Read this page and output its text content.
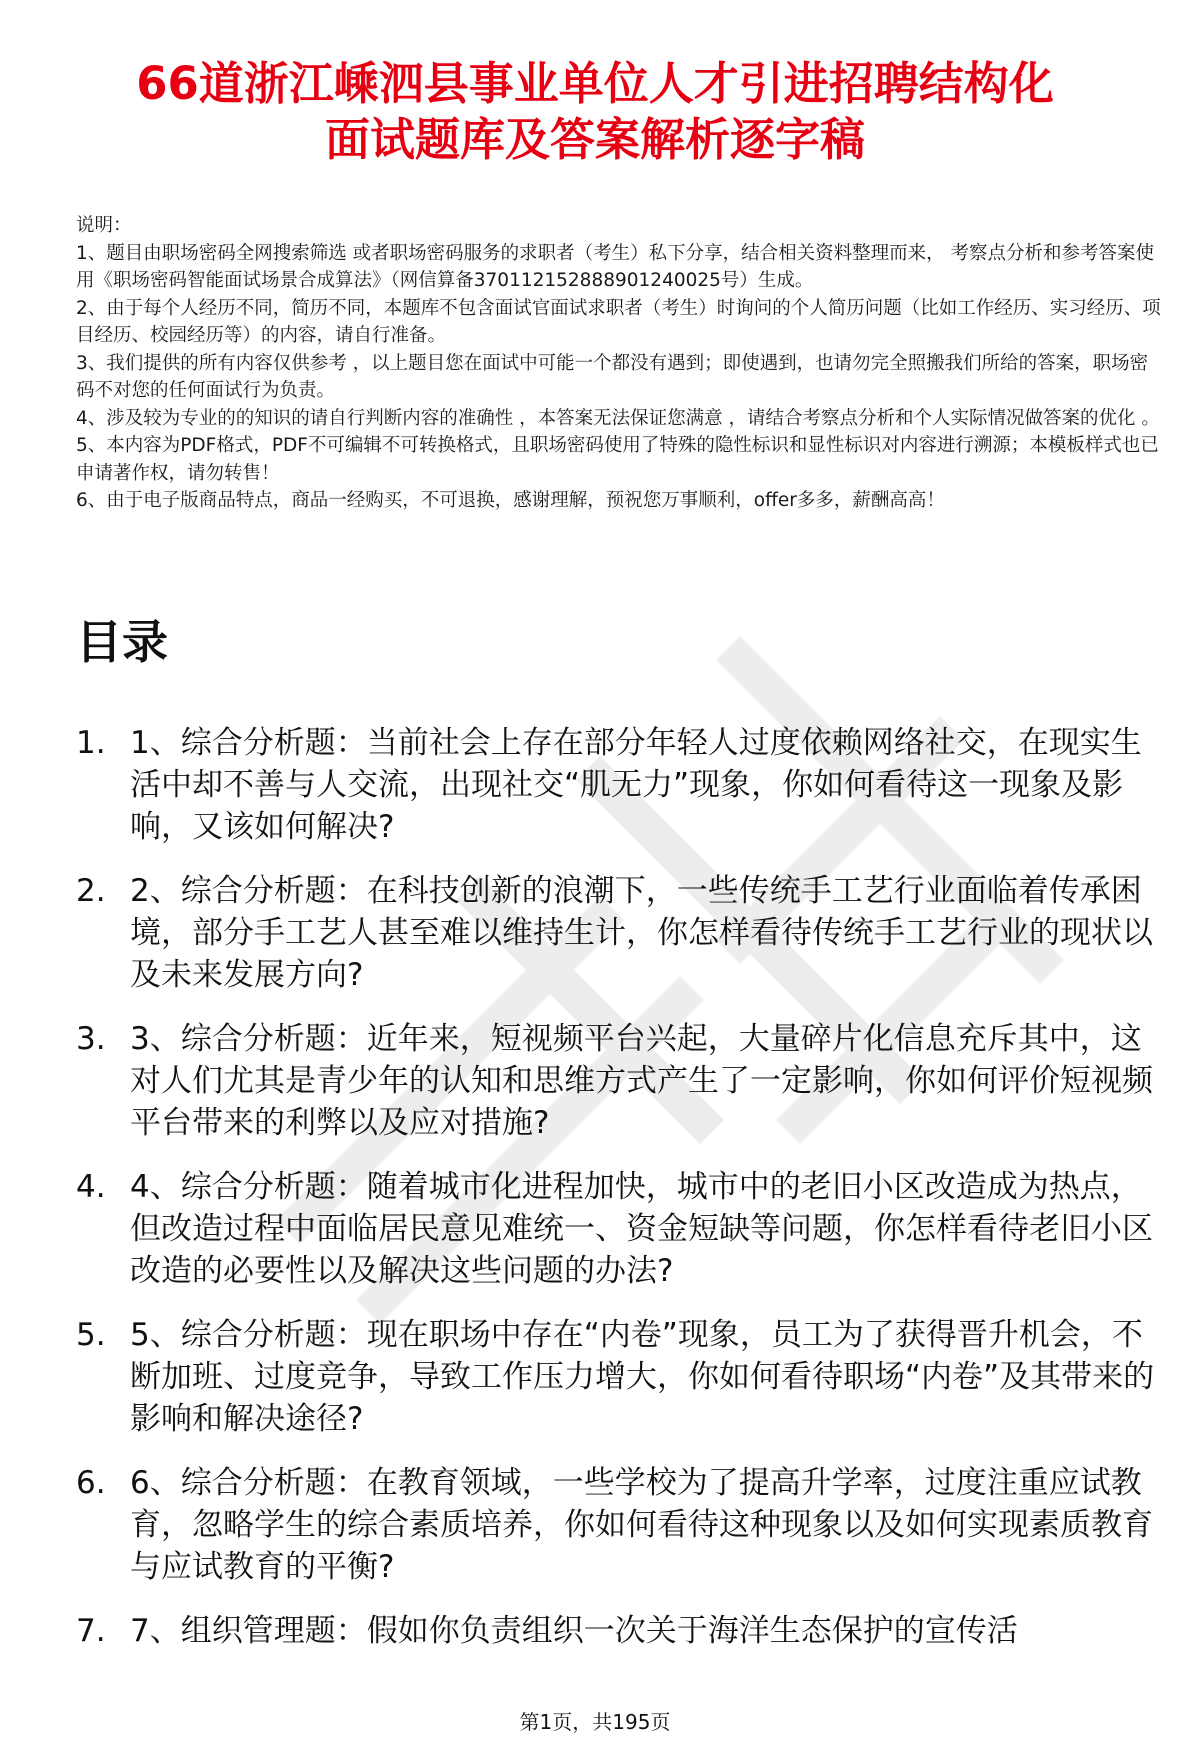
66道浙江嵊泗县事业单位人才引进招聘结构化
面试题库及答案解析逐字稿

说明：

1、题目由职场密码全网搜索筛选 或者职场密码服务的求职者（考生）私下分享，结合相关资料整理而来， 考察点分析和参考答案使用《职场密码智能面试场景合成算法》（网信算备370112152888901240025号）生成。

2、由于每个人经历不同，简历不同，本题库不包含面试官面试求职者（考生）时询问的个人简历问题（比如工作经历、实习经历、项目经历、校园经历等）的内容，请自行准备。

3、我们提供的所有内容仅供参考 ，以上题目您在面试中可能一个都没有遇到；即使遇到，也请勿完全照搬我们所给的答案，职场密码不对您的任何面试行为负责。

4、涉及较为专业的的知识的请自行判断内容的准确性 ，本答案无法保证您满意 ，请结合考察点分析和个人实际情况做答案的优化 。

5、本内容为PDF格式，PDF不可编辑不可转换格式，且职场密码使用了特殊的隐性标识和显性标识对内容进行溯源；本模板样式也已申请著作权，请勿转售！

6、由于电子版商品特点，商品一经购买，不可退换，感谢理解，预祝您万事顺利，offer多多，薪酬高高！

目录
1. 1、综合分析题：当前社会上存在部分年轻人过度依赖网络社交，在现实生活中却不善与人交流，出现社交“肌无力”现象，你如何看待这一现象及影响，又该如何解决?
2. 2、综合分析题：在科技创新的浪潮下，一些传统手工艺行业面临着传承困境，部分手工艺人甚至难以维持生计，你怎样看待传统手工艺行业的现状以及未来发展方向?
3. 3、综合分析题：近年来，短视频平台兴起，大量碎片化信息充斥其中，这对人们尤其是青少年的认知和思维方式产生了一定影响，你如何评价短视频平台带来的利弊以及应对措施?
4. 4、综合分析题：随着城市化进程加快，城市中的老旧小区改造成为热点，但改造过程中面临居民意见难统一、资金短缺等问题，你怎样看待老旧小区改造的必要性以及解决这些问题的办法?
5. 5、综合分析题：现在职场中存在“内卷”现象，员工为了获得晋升机会，不断加班、过度竞争，导致工作压力增大，你如何看待职场“内卷”及其带来的影响和解决途径?
6. 6、综合分析题：在教育领域，一些学校为了提高升学率，过度注重应试教育，忽略学生的综合素质培养，你如何看待这种现象以及如何实现素质教育与应试教育的平衡?
7. 7、组织管理题：假如你负责组织一次关于海洋生态保护的宣传活
第1页，共195页
